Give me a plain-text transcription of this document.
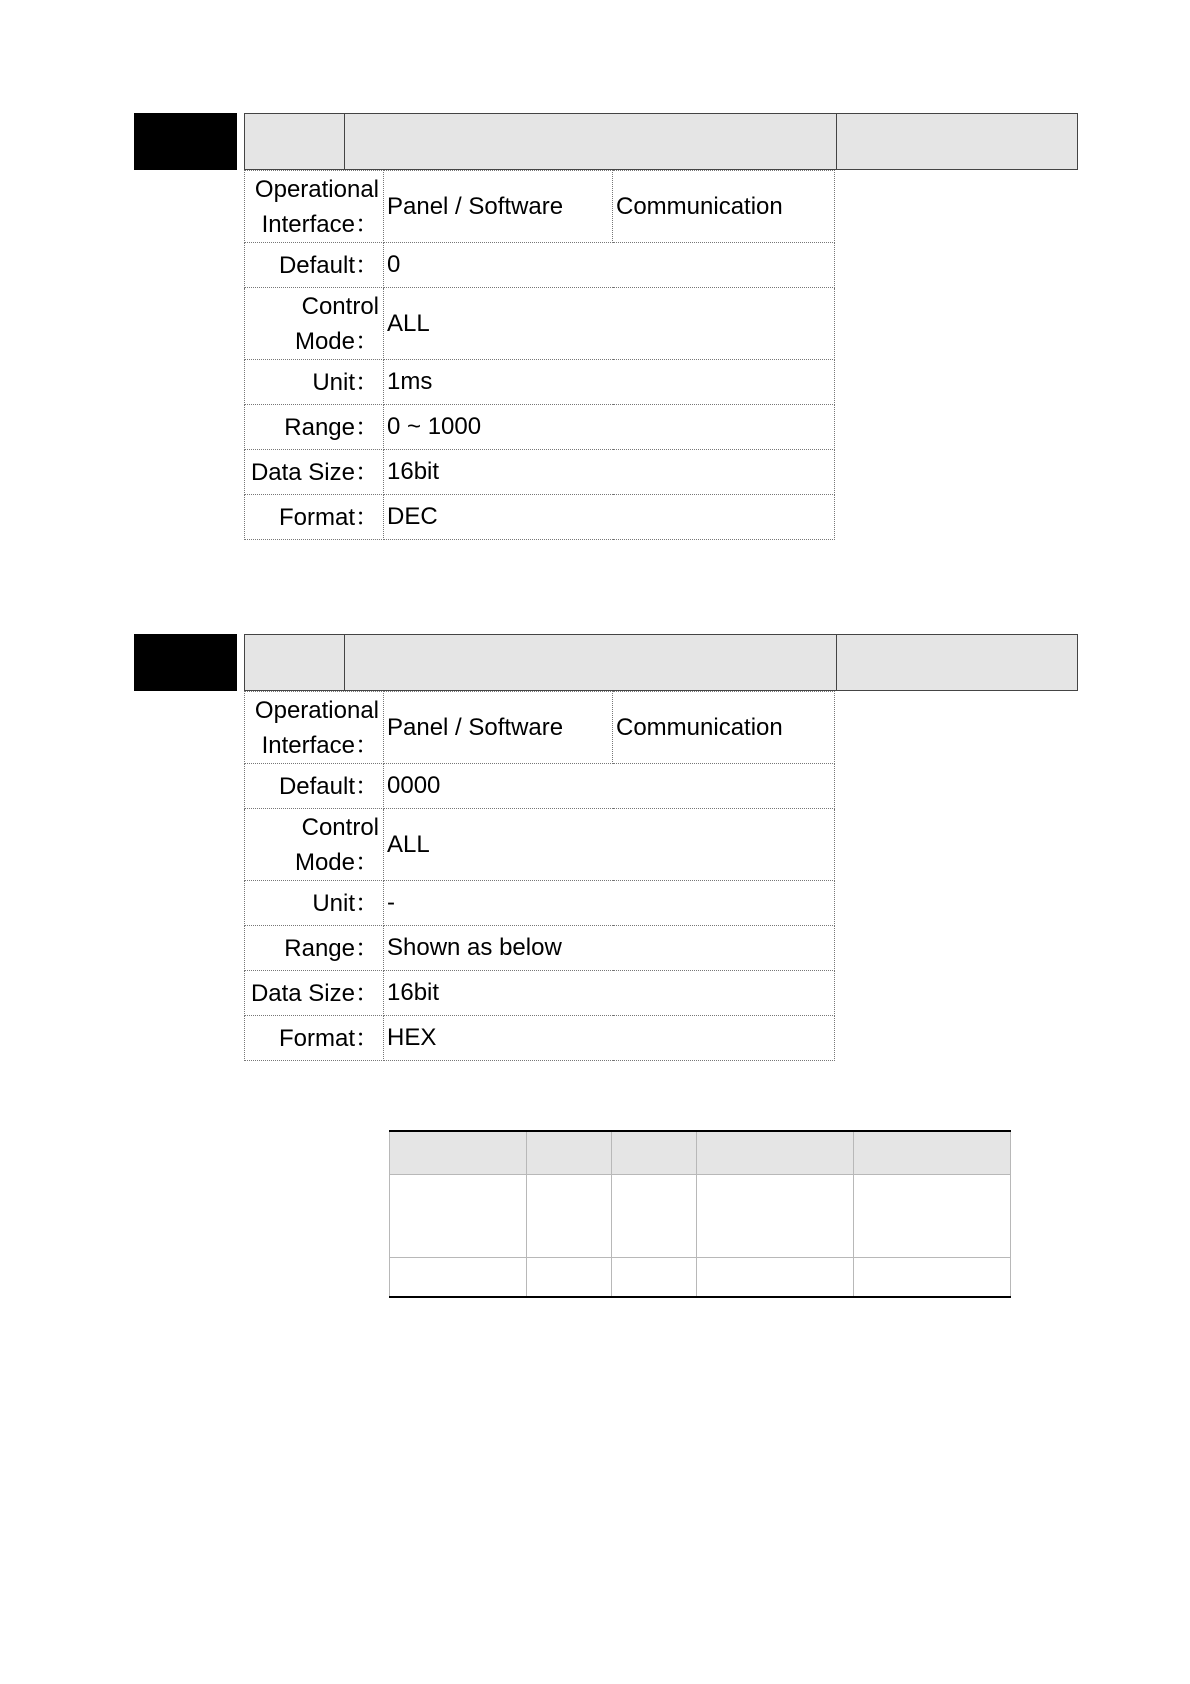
Operational
Interface：	Panel / Software	Communication
Default：	0	
Control
Mode：	ALL	
Unit：	1ms	
Range：	0 ~ 1000	
Data Size：	16bit	
Format：	DEC	
Operational
Interface：	Panel / Software	Communication
Default：	0000	
Control
Mode：	ALL	
Unit：	-	
Range：	Shown as below	
Data Size：	16bit	
Format：	HEX	
